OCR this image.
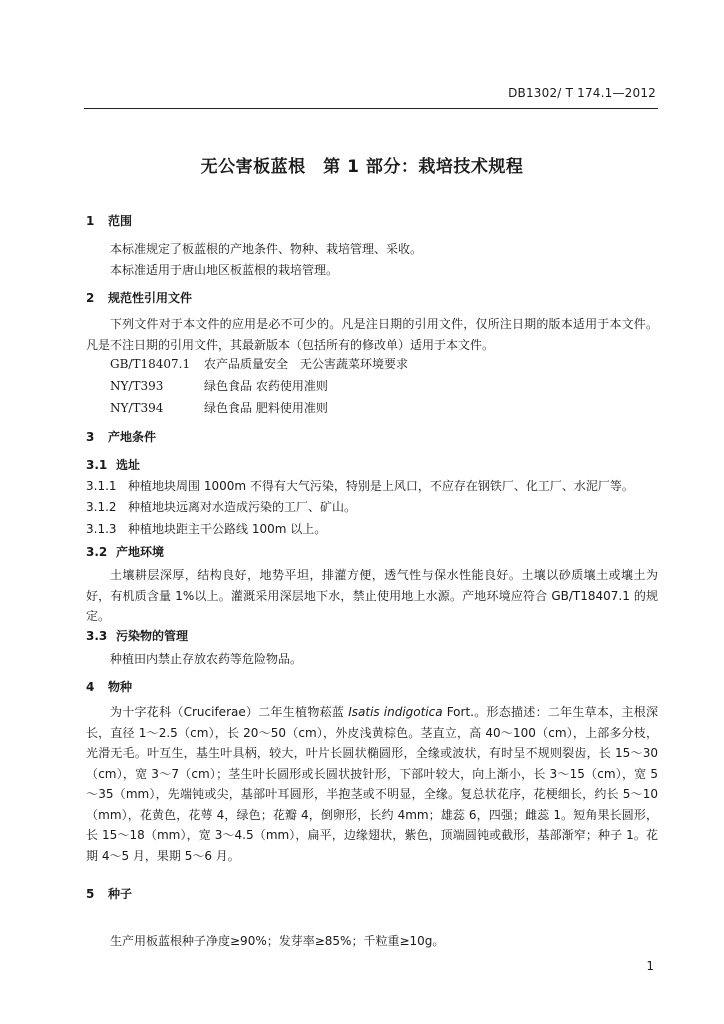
DB1302/ T 174.1—2012
无公害板蓝根　第 1 部分：栽培技术规程
1 范围
本标准规定了板蓝根的产地条件、物种、栽培管理、采收。
本标准适用于唐山地区板蓝根的栽培管理。
2 规范性引用文件
下列文件对于本文件的应用是必不可少的。凡是注日期的引用文件，仅所注日期的版本适用于本文件。凡是不注日期的引用文件，其最新版本（包括所有的修改单）适用于本文件。
GB/T18407.1 农产品质量安全　无公害蔬菜环境要求
NY/T393	绿色食品 农药使用准则
NY/T394	绿色食品 肥料使用准则
3 产地条件
3.1 选址
3.1.1 种植地块周围 1000m 不得有大气污染，特别是上风口，不应存在钢铁厂、化工厂、水泥厂等。
3.1.2 种植地块远离对水造成污染的工厂、矿山。
3.1.3 种植地块距主干公路线 100m 以上。
3.2 产地环境
土壤耕层深厚，结构良好，地势平坦，排灌方便，透气性与保水性能良好。土壤以砂质壤土或壤土为好，有机质含量 1%以上。灌溉采用深层地下水，禁止使用地上水源。产地环境应符合 GB/T18407.1 的规定。
3.3 污染物的管理
种植田内禁止存放农药等危险物品。
4 物种
为十字花科（Cruciferae）二年生植物菘蓝 Isatis indigotica Fort.。形态描述：二年生草本，主根深长，直径 1～2.5（cm），长 20～50（cm），外皮浅黄棕色。茎直立，高 40～100（cm），上部多分枝，光滑无毛。叶互生，基生叶具柄，较大，叶片长圆状椭圆形，全缘或波状，有时呈不规则裂齿，长 15～30（cm），宽 3～7（cm）；茎生叶长圆形或长圆状披针形，下部叶较大，向上渐小，长 3～15（cm），宽 5～35（mm），先端钝或尖，基部叶耳圆形，半抱茎或不明显，全缘。复总状花序，花梗细长，约长 5～10（mm），花黄色，花萼 4，绿色；花瓣 4，倒卵形，长约 4mm；雄蕊 6，四强；雌蕊 1。短角果长圆形，长 15～18（mm），宽 3～4.5（mm），扁平，边缘翅状，紫色，顶端圆钝或截形，基部渐窄；种子 1。花期 4～5 月，果期 5～6 月。
5 种子
生产用板蓝根种子净度≥90%；发芽率≥85%；千粒重≥10g。
1
